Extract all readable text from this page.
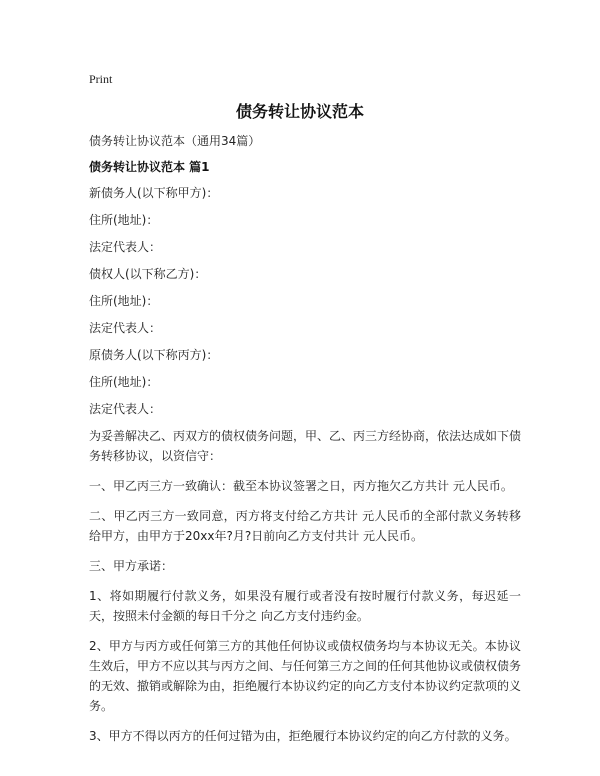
Print
债务转让协议范本

债务转让协议范本（通用34篇）

债务转让协议范本 篇1

新债务人(以下称甲方)：

住所(地址)：

法定代表人：

债权人(以下称乙方)：

住所(地址)：

法定代表人：

原债务人(以下称丙方)：

住所(地址)：

法定代表人：

为妥善解决乙、丙双方的债权债务问题，甲、乙、丙三方经协商，依法达成如下债务转移协议，以资信守：

一、甲乙丙三方一致确认：截至本协议签署之日，丙方拖欠乙方共计 元人民币。

二、甲乙丙三方一致同意，丙方将支付给乙方共计 元人民币的全部付款义务转移给甲方，由甲方于20xx年?月?日前向乙方支付共计 元人民币。

三、甲方承诺：

1、将如期履行付款义务，如果没有履行或者没有按时履行付款义务，每迟延一天，按照未付金额的每日千分之 向乙方支付违约金。

2、甲方与丙方或任何第三方的其他任何协议或债权债务均与本协议无关。本协议生效后，甲方不应以其与丙方之间、与任何第三方之间的任何其他协议或债权债务的无效、撤销或解除为由，拒绝履行本协议约定的向乙方支付本协议约定款项的义务。

3、甲方不得以丙方的任何过错为由，拒绝履行本协议约定的向乙方付款的义务。
